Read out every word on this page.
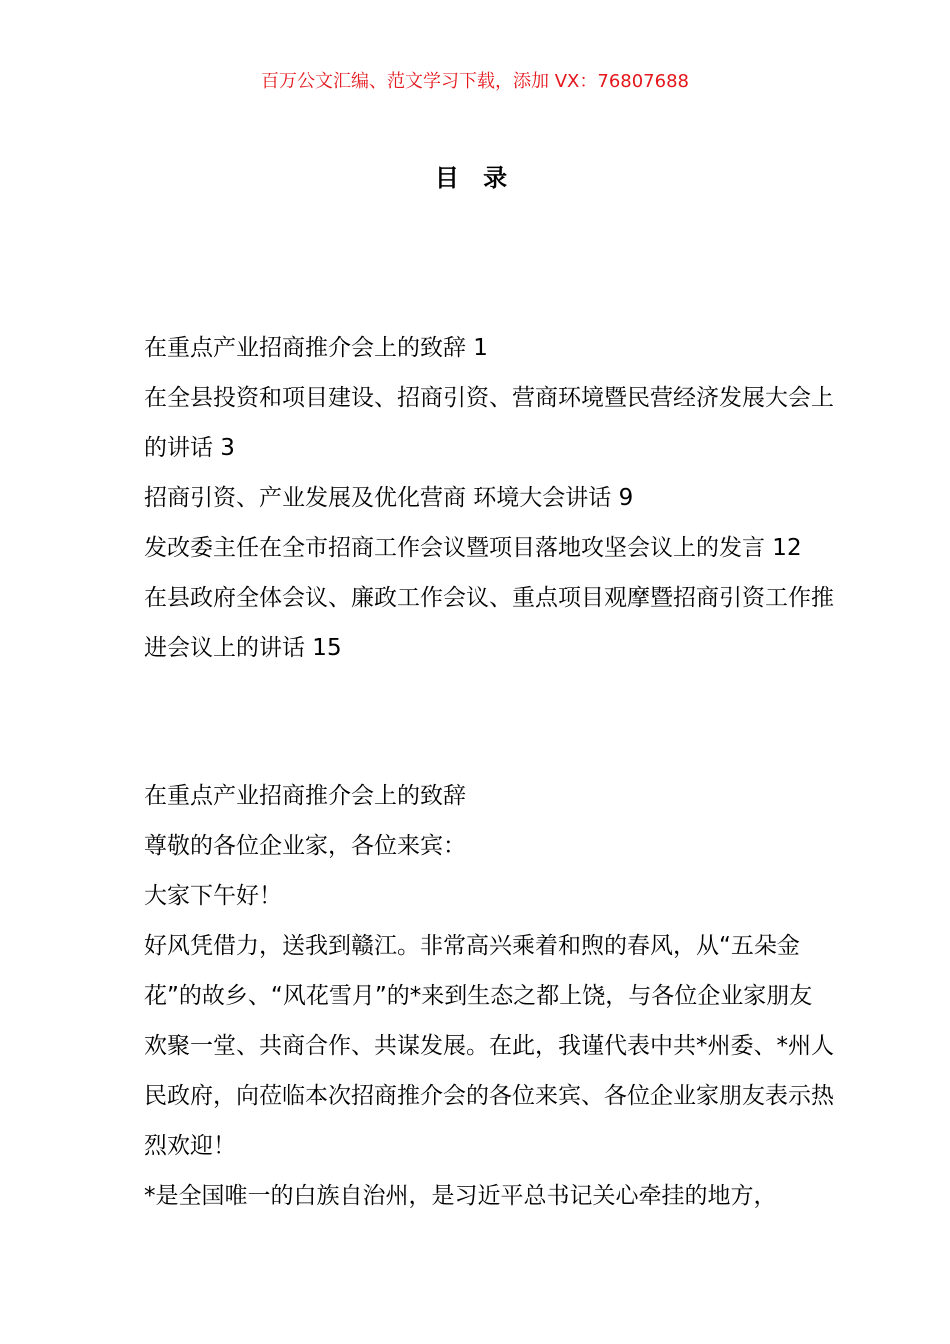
百万公文汇编、范文学习下载，添加 VX：76807688
目 录
在重点产业招商推介会上的致辞 1
在全县投资和项目建设、招商引资、营商环境暨民营经济发展大会上的讲话 3
招商引资、产业发展及优化营商 环境大会讲话 9
发改委主任在全市招商工作会议暨项目落地攻坚会议上的发言 12
在县政府全体会议、廉政工作会议、重点项目观摩暨招商引资工作推进会议上的讲话 15

在重点产业招商推介会上的致辞

尊敬的各位企业家，各位来宾：

大家下午好！

好风凭借力，送我到赣江。非常高兴乘着和煦的春风，从“五朵金花”的故乡、“风花雪月”的*来到生态之都上饶，与各位企业家朋友欢聚一堂、共商合作、共谋发展。在此，我谨代表中共*州委、*州人民政府，向莅临本次招商推介会的各位来宾、各位企业家朋友表示热烈欢迎！

*是全国唯一的白族自治州，是习近平总书记关心牵挂的地方，
